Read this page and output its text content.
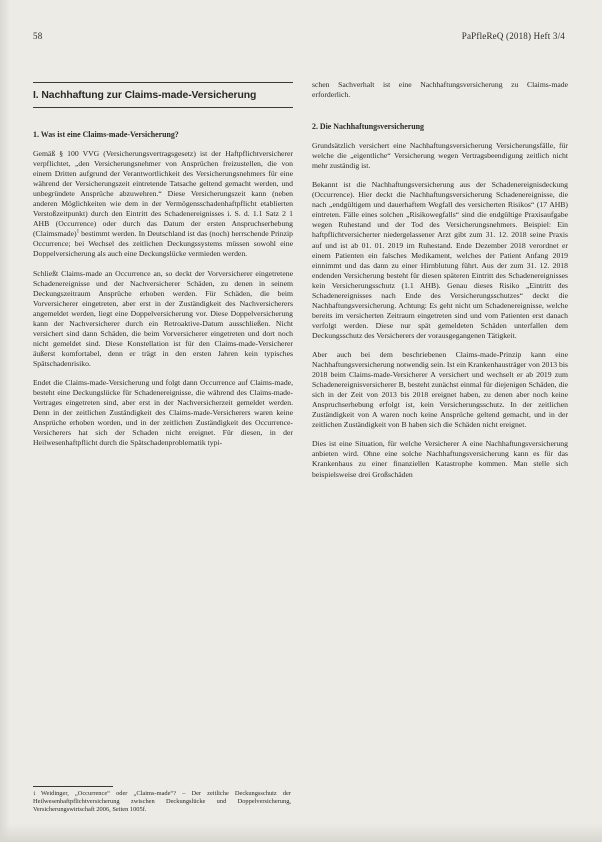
58	PaPfleReQ (2018) Heft 3/4
I. Nachhaftung zur Claims-made-Versicherung
1. Was ist eine Claims-made-Versicherung?

Gemäß § 100 VVG (Versicherungsvertragsgesetz) ist der Haftpflichtversicherer verpflichtet, „den Versicherungsnehmer von Ansprüchen freizustellen, die von einem Dritten aufgrund der Verantwortlichkeit des Versicherungsnehmers für eine während der Versicherungszeit eintretende Tatsache geltend gemacht werden, und unbegründete Ansprüche abzuwehren.“ Diese Versicherungszeit kann (neben anderen Möglichkeiten wie dem in der Vermögensschadenhaftpflicht etablierten Verstoßzeitpunkt) durch den Eintritt des Schadenereignisses i. S. d. 1.1 Satz 2 1 AHB (Occurrence) oder durch das Datum der ersten Anspruchserhebung (Claimsmade)$^1$ bestimmt werden. In Deutschland ist das (noch) herrschende Prinzip Occurrence; bei Wechsel des zeitlichen Deckungssystems müssen sowohl eine Doppelversicherung als auch eine Deckungslücke vermieden werden.

Schließt Claims-made an Occurrence an, so deckt der Vorversicherer eingetretene Schadenereignisse und der Nachversicherer Schäden, zu denen in seinem Deckungszeitraum Ansprüche erhoben werden. Für Schäden, die beim Vorversicherer eingetreten, aber erst in der Zuständigkeit des Nachversicherers angemeldet werden, liegt eine Doppelversicherung vor. Diese Doppelversicherung kann der Nachversicherer durch ein Retroaktive-Datum ausschließen. Nicht versichert sind dann Schäden, die beim Vorversicherer eingetreten und dort noch nicht gemeldet sind. Diese Konstellation ist für den Claims-made-Versicherer äußerst komfortabel, denn er trägt in den ersten Jahren kein typisches Spätschadenrisiko.

Endet die Claims-made-Versicherung und folgt dann Occurrence auf Claims-made, besteht eine Deckungslücke für Schadenereignisse, die während des Claims-made-Vertrages eingetreten sind, aber erst in der Nachversicherzeit gemeldet werden. Denn in der zeitlichen Zuständigkeit des Claims-made-Versicherers waren keine Ansprüche erhoben worden, und in der zeitlichen Zuständigkeit des Occurrence-Versicherers hat sich der Schaden nicht ereignet. Für diesen, in der Heilwesenhaftpflicht durch die Spätschadenproblematik typi-

1 Weidinger, „Occurrence“ oder „Claims-made“? – Der zeitliche Deckungsschutz der Heilwesenhaftpflichtversicherung zwischen Deckungslücke und Doppelversicherung, Versicherungswirtschaft 2006, Seiten 1005f.

schen Sachverhalt ist eine Nachhaftungsversicherung zu Claims-made erforderlich.

2. Die Nachhaftungsversicherung

Grundsätzlich versichert eine Nachhaftungsversicherung Versicherungsfälle, für welche die „eigentliche“ Versicherung wegen Vertragsbeendigung zeitlich nicht mehr zuständig ist.

Bekannt ist die Nachhaftungsversicherung aus der Schadenereignisdeckung (Occurrence). Hier deckt die Nachhaftungsversicherung Schadenereignisse, die nach „endgültigem und dauerhaftem Wegfall des versicherten Risikos“ (17 AHB) eintreten. Fälle eines solchen „Risikowegfalls“ sind die endgültige Praxisaufgabe wegen Ruhestand und der Tod des Versicherungsnehmers. Beispiel: Ein haftpflichtversicherter niedergelassener Arzt gibt zum 31. 12. 2018 seine Praxis auf und ist ab 01. 01. 2019 im Ruhestand. Ende Dezember 2018 verordnet er einem Patienten ein falsches Medikament, welches der Patient Anfang 2019 einnimmt und das dann zu einer Hirnblutung führt. Aus der zum 31. 12. 2018 endenden Versicherung besteht für diesen späteren Eintritt des Schadenereignisses kein Versicherungsschutz (1.1 AHB). Genau dieses Risiko „Eintritt des Schadenereignisses nach Ende des Versicherungsschutzes“ deckt die Nachhaftungsversicherung. Achtung: Es geht nicht um Schadenereignisse, welche bereits im versicherten Zeitraum eingetreten sind und vom Patienten erst danach verfolgt werden. Diese nur spät gemeldeten Schäden unterfallen dem Deckungsschutz des Versicherers der vorausgegangenen Tätigkeit.

Aber auch bei dem beschriebenen Claims-made-Prinzip kann eine Nachhaftungsversicherung notwendig sein. Ist ein Krankenhausträger von 2013 bis 2018 beim Claims-made-Versicherer A versichert und wechselt er ab 2019 zum Schadenereignisversicherer B, besteht zunächst einmal für diejenigen Schäden, die sich in der Zeit von 2013 bis 2018 ereignet haben, zu denen aber noch keine Anspruchserhebung erfolgt ist, kein Versicherungsschutz. In der zeitlichen Zuständigkeit von A waren noch keine Ansprüche geltend gemacht, und in der zeitlichen Zuständigkeit von B haben sich die Schäden nicht ereignet.

Dies ist eine Situation, für welche Versicherer A eine Nachhaftungsversicherung anbieten wird. Ohne eine solche Nachhaftungsversicherung kann es für das Krankenhaus zu einer finanziellen Katastrophe kommen. Man stelle sich beispielsweise drei Großschäden
